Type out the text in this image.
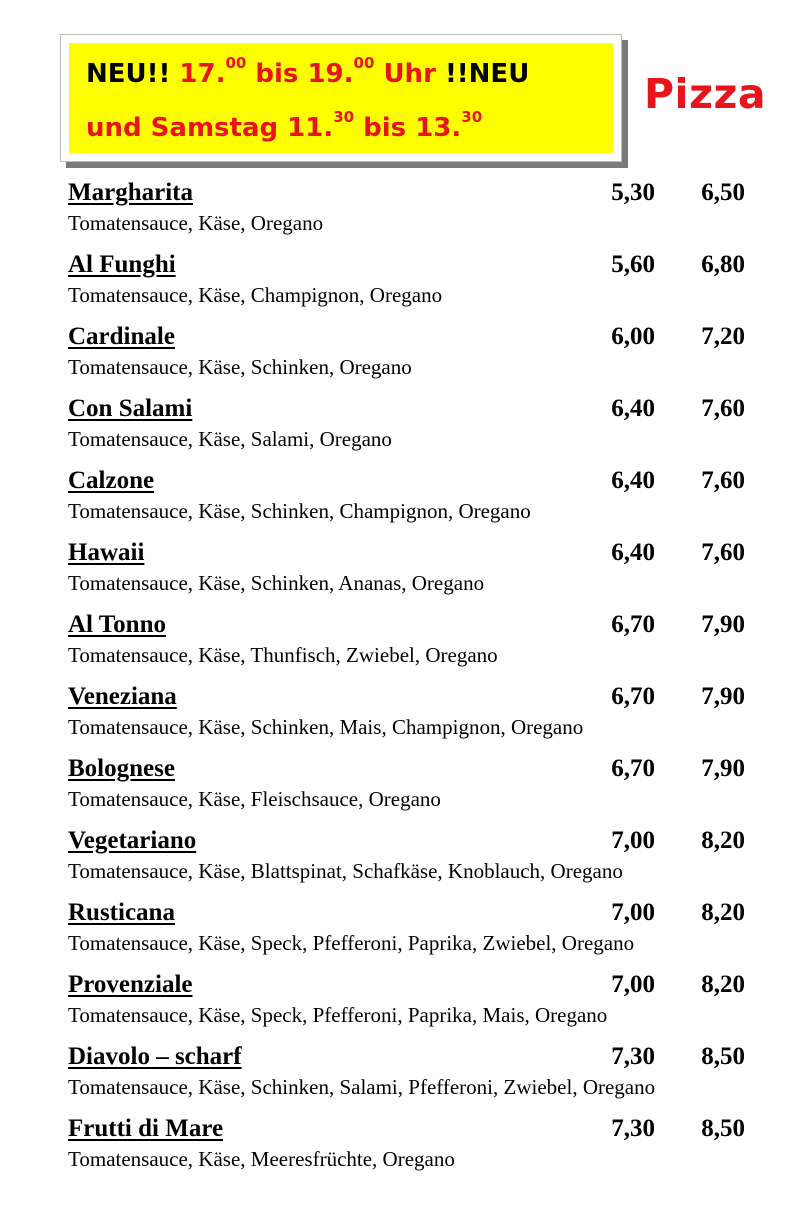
NEU!! 17.00 bis 19.00 Uhr !!NEU
und Samstag 11.30 bis 13.30	Pizza
Margharita	5,30 6,50
Tomatensauce, Käse, Oregano
Al Funghi	5,60 6,80
Tomatensauce, Käse, Champignon, Oregano
Cardinale	6,00 7,20
Tomatensauce, Käse, Schinken, Oregano
Con Salami	6,40 7,60
Tomatensauce, Käse, Salami, Oregano
Calzone	6,40 7,60
Tomatensauce, Käse, Schinken, Champignon, Oregano
Hawaii	6,40 7,60
Tomatensauce, Käse, Schinken, Ananas, Oregano
Al Tonno	6,70 7,90
Tomatensauce, Käse, Thunfisch, Zwiebel, Oregano
Veneziana	6,70 7,90
Tomatensauce, Käse, Schinken, Mais, Champignon, Oregano
Bolognese	6,70 7,90
Tomatensauce, Käse, Fleischsauce, Oregano
Vegetariano	7,00 8,20
Tomatensauce, Käse, Blattspinat, Schafkäse, Knoblauch, Oregano
Rusticana	7,00 8,20
Tomatensauce, Käse, Speck, Pfefferoni, Paprika, Zwiebel, Oregano
Provenziale	7,00 8,20
Tomatensauce, Käse, Speck, Pfefferoni, Paprika, Mais, Oregano
Diavolo – scharf	7,30 8,50
Tomatensauce, Käse, Schinken, Salami, Pfefferoni, Zwiebel, Oregano
Frutti di Mare	7,30 8,50
Tomatensauce, Käse, Meeresfrüchte, Oregano
